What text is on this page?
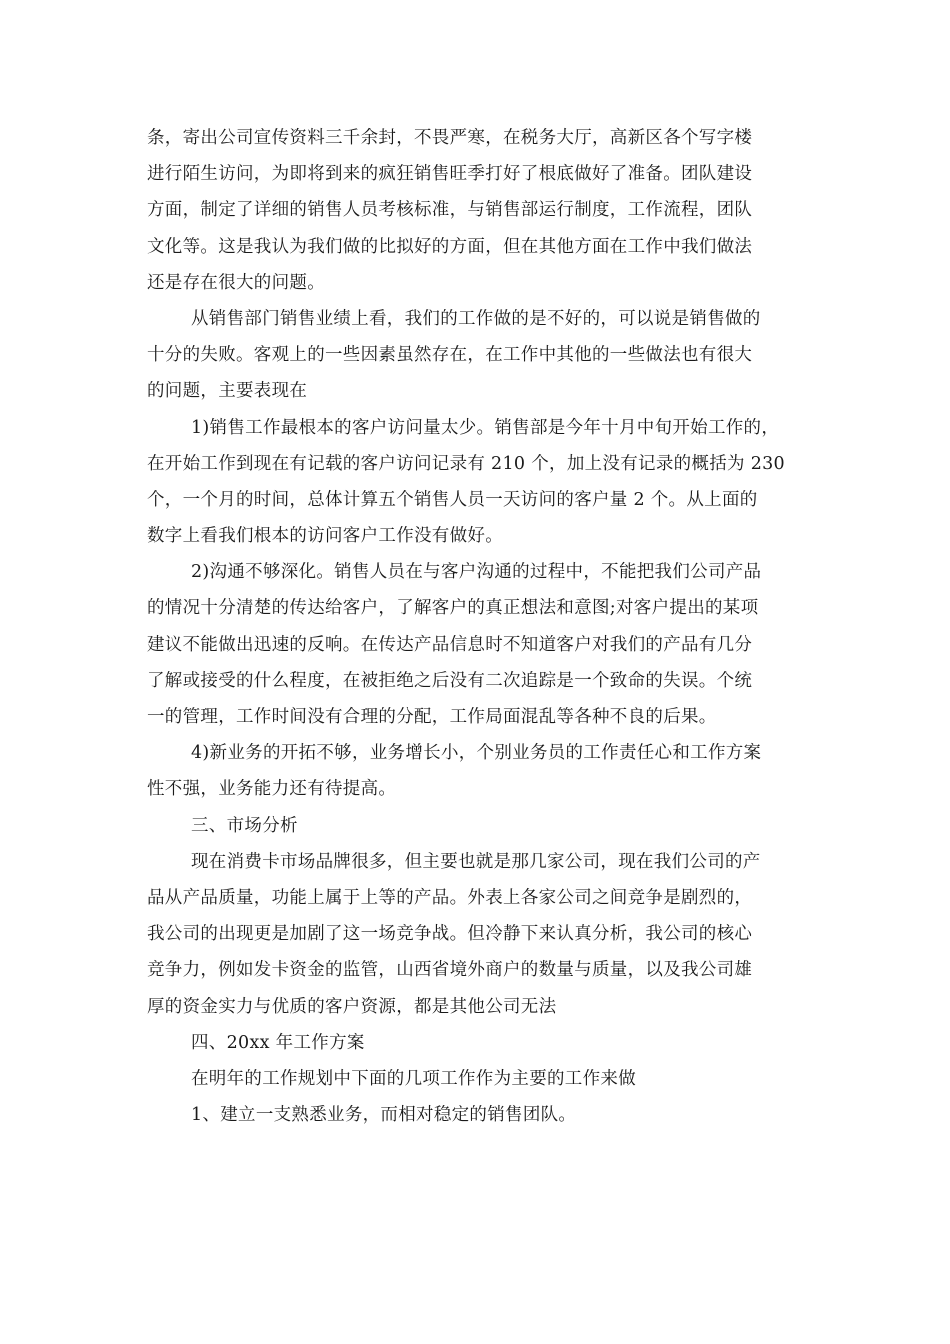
条，寄出公司宣传资料三千余封，不畏严寒，在税务大厅，高新区各个写字楼
进行陌生访问，为即将到来的疯狂销售旺季打好了根底做好了准备。团队建设
方面，制定了详细的销售人员考核标准，与销售部运行制度，工作流程，团队
文化等。这是我认为我们做的比拟好的方面，但在其他方面在工作中我们做法
还是存在很大的问题。
从销售部门销售业绩上看，我们的工作做的是不好的，可以说是销售做的
十分的失败。客观上的一些因素虽然存在，在工作中其他的一些做法也有很大
的问题，主要表现在
1)销售工作最根本的客户访问量太少。销售部是今年十月中旬开始工作的，
在开始工作到现在有记载的客户访问记录有 210 个，加上没有记录的概括为 230
个，一个月的时间，总体计算五个销售人员一天访问的客户量 2 个。从上面的
数字上看我们根本的访问客户工作没有做好。
2)沟通不够深化。销售人员在与客户沟通的过程中，不能把我们公司产品
的情况十分清楚的传达给客户，了解客户的真正想法和意图;对客户提出的某项
建议不能做出迅速的反响。在传达产品信息时不知道客户对我们的产品有几分
了解或接受的什么程度，在被拒绝之后没有二次追踪是一个致命的失误。个统
一的管理，工作时间没有合理的分配，工作局面混乱等各种不良的后果。
4)新业务的开拓不够，业务增长小，个别业务员的工作责任心和工作方案
性不强，业务能力还有待提高。
三、市场分析
现在消费卡市场品牌很多，但主要也就是那几家公司，现在我们公司的产
品从产品质量，功能上属于上等的产品。外表上各家公司之间竞争是剧烈的，
我公司的出现更是加剧了这一场竞争战。但冷静下来认真分析，我公司的核心
竞争力，例如发卡资金的监管，山西省境外商户的数量与质量，以及我公司雄
厚的资金实力与优质的客户资源，都是其他公司无法
四、20xx 年工作方案
在明年的工作规划中下面的几项工作作为主要的工作来做
1、建立一支熟悉业务，而相对稳定的销售团队。
